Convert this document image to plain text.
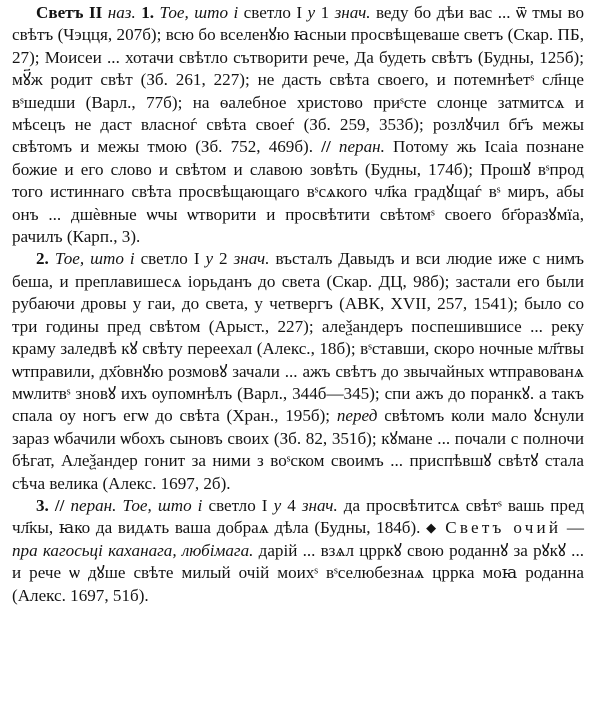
Светъ II наз. 1. Тое, што і светло І у 1 знач. веду бо дѣи вас ... ѿ тмы во свѣтъ (Чэцця, 207б); всю бо вселенꙋю ꙗсныи просвѣщеваше светъ (Скар. ПБ, 27); Моисеи ... хотачи свѣтло сътворити рече, Да будеть свѣтъ (Будны, 125б); мꙋ҃ж родит свѣт (Зб. 261, 227); не дасть свѣта своего, и потемнѣетˢ сл҃нце вˢшедши (Варл., 77б); на ѳалебное христово приˢсте слонце затмитсѧ и мѣсецъ не даст власноѓ свѣта своеѓ (Зб. 259, 353б); розлꙋчил бг҃ъ межы свѣтомъ и межы тмою (Зб. 752, 469б). // перан. Потому жь Ісаіа познане божие и его слово и свѣтом и славою зовѣть (Будны, 174б); Прошꙋ вˢпрод того истиннаго свѣта просвѣщающаго вˢсѧкого чл҃ка градꙋщаѓ вˢ миръ, абы онъ ... дшѐвные ѡчы ѡтворити и просвѣтити свѣтомˢ своего бг҃оразꙋмїа, рачилъ (Карп., 3).

2. Тое, што і светло І у 2 знач. въсталъ Давыдъ и вси людие иже с нимъ беша, и преплавишесѧ іорьданъ до света (Скар. ДЦ, 98б); застали его были рубаючи дровы у гаи, до света, у четвергъ (АВК, XVII, 257, 1541); было со три годины пред свѣтом (Арыст., 227); алеѯандеръ поспешившисе ... реку краму заледвѣ кꙋ свѣту переехал (Алекс., 18б); вˢставши, скоро ночные мл҃твы ѡтправили, дх҃овнꙋю розмовꙋ зачали ... ажъ свѣтъ до звычайных ѡтправованѧ мѡлитвˢ зновꙋ ихъ оупомнѣлъ (Варл., 344б—345); спи ажъ до поранкꙋ. а такъ спала оу ногъ егѡ до свѣта (Хран., 195б); перед свѣтомъ коли мало ꙋснули зараз ѡбачили ѡбохъ сыновъ своих (Зб. 82, 351б); кꙋмане ... почали с полночи бѣгат, Алеѯандер гонит за ними з воˢском своимъ ... приспѣвшꙋ свѣтꙋ стала сѣча велика (Алекс. 1697, 2б).

3. // перан. Тое, што і светло І у 4 знач. да просвѣтитсѧ свѣтˢ вашь пред чл҃кы, ꙗко да видѧть ваша добраѧ дѣла (Будны, 184б). ◆ Светъ очий — пра кагосьці каханага, любімага. дарій ... взѧл црркꙋ свою роданнꙋ за рꙋкꙋ ... и рече ѡ дꙋше свѣте милый очій моихˢ вˢселюбезнаѧ црркa моꙗ роданна (Алекс. 1697, 51б).
